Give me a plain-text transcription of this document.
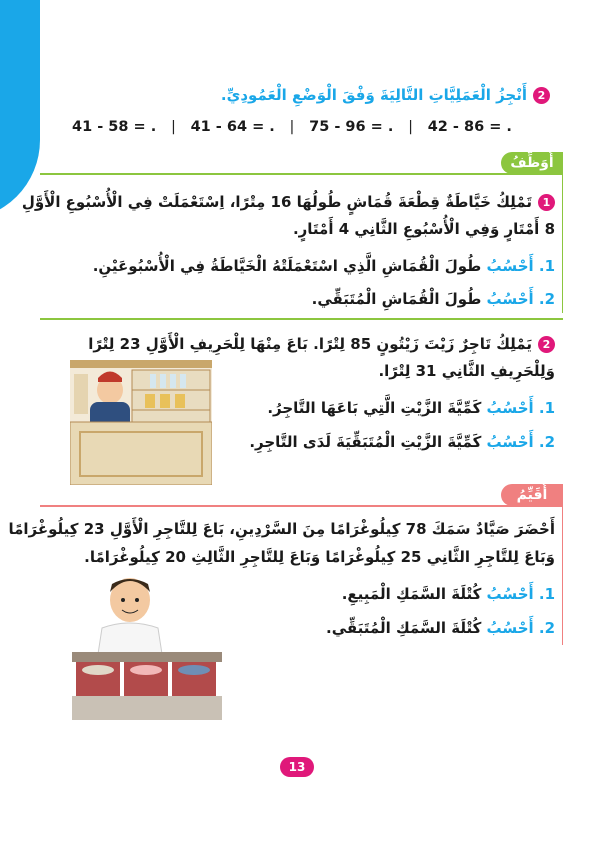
2أَنْجِزُ الْعَمَلِيَّاتِ التَّالِيَةَ وَفْقَ الْوَضْعِ الْعَمُودِيِّ.
41 - 58 = . | 41 - 64 = . | 75 - 96 = . | 42 - 86 = .
أُوَظِّفُ
1تَمْلِكُ خَيَّاطَةٌ قِطْعَةَ قُمَاشٍ طُولُهَا 16 مِتْرًا، اِسْتَعْمَلَتْ فِي الْأُسْبُوعِ الْأَوَّلِ
8 أَمْتَارٍ وَفِي الْأُسْبُوعِ الثَّانِي 4 أَمْتَارٍ.
1. أَحْسُبُ طُولَ الْقُمَاشِ الَّذِي اسْتَعْمَلَتْهُ الْخَيَّاطَةُ فِي الْأُسْبُوعَيْنِ.
2. أَحْسُبُ طُولَ الْقُمَاشِ الْمُتَبَقِّي.
2يَمْلِكُ تَاجِرٌ زَيْتَ زَيْتُونٍ 85 لِتْرًا. بَاعَ مِنْهَا لِلْحَرِيفِ الْأَوَّلِ 23 لِتْرًا
وَلِلْحَرِيفِ الثَّانِي 31 لِتْرًا.
1. أَحْسُبُ كَمِّيَّةَ الزَّيْتِ الَّتِي بَاعَهَا التَّاجِرُ.
2. أَحْسُبُ كَمِّيَّةَ الزَّيْتِ الْمُتَبَقِّيَةَ لَدَى التَّاجِرِ.
أُقَيِّمُ
أَحْضَرَ صَيَّادٌ سَمَكَ 78 كِيلُوغْرَامًا مِنَ السَّرْدِينِ، بَاعَ لِلتَّاجِرِ الْأَوَّلِ 23 كِيلُوغْرَامًا
وَبَاعَ لِلتَّاجِرِ الثَّانِي 25 كِيلُوغْرَامًا وَبَاعَ لِلتَّاجِرِ الثَّالِثِ 20 كِيلُوغْرَامًا.
1. أَحْسُبُ كُتْلَةَ السَّمَكِ الْمَبِيعِ.
2. أَحْسُبُ كُتْلَةَ السَّمَكِ الْمُتَبَقِّي.
13
